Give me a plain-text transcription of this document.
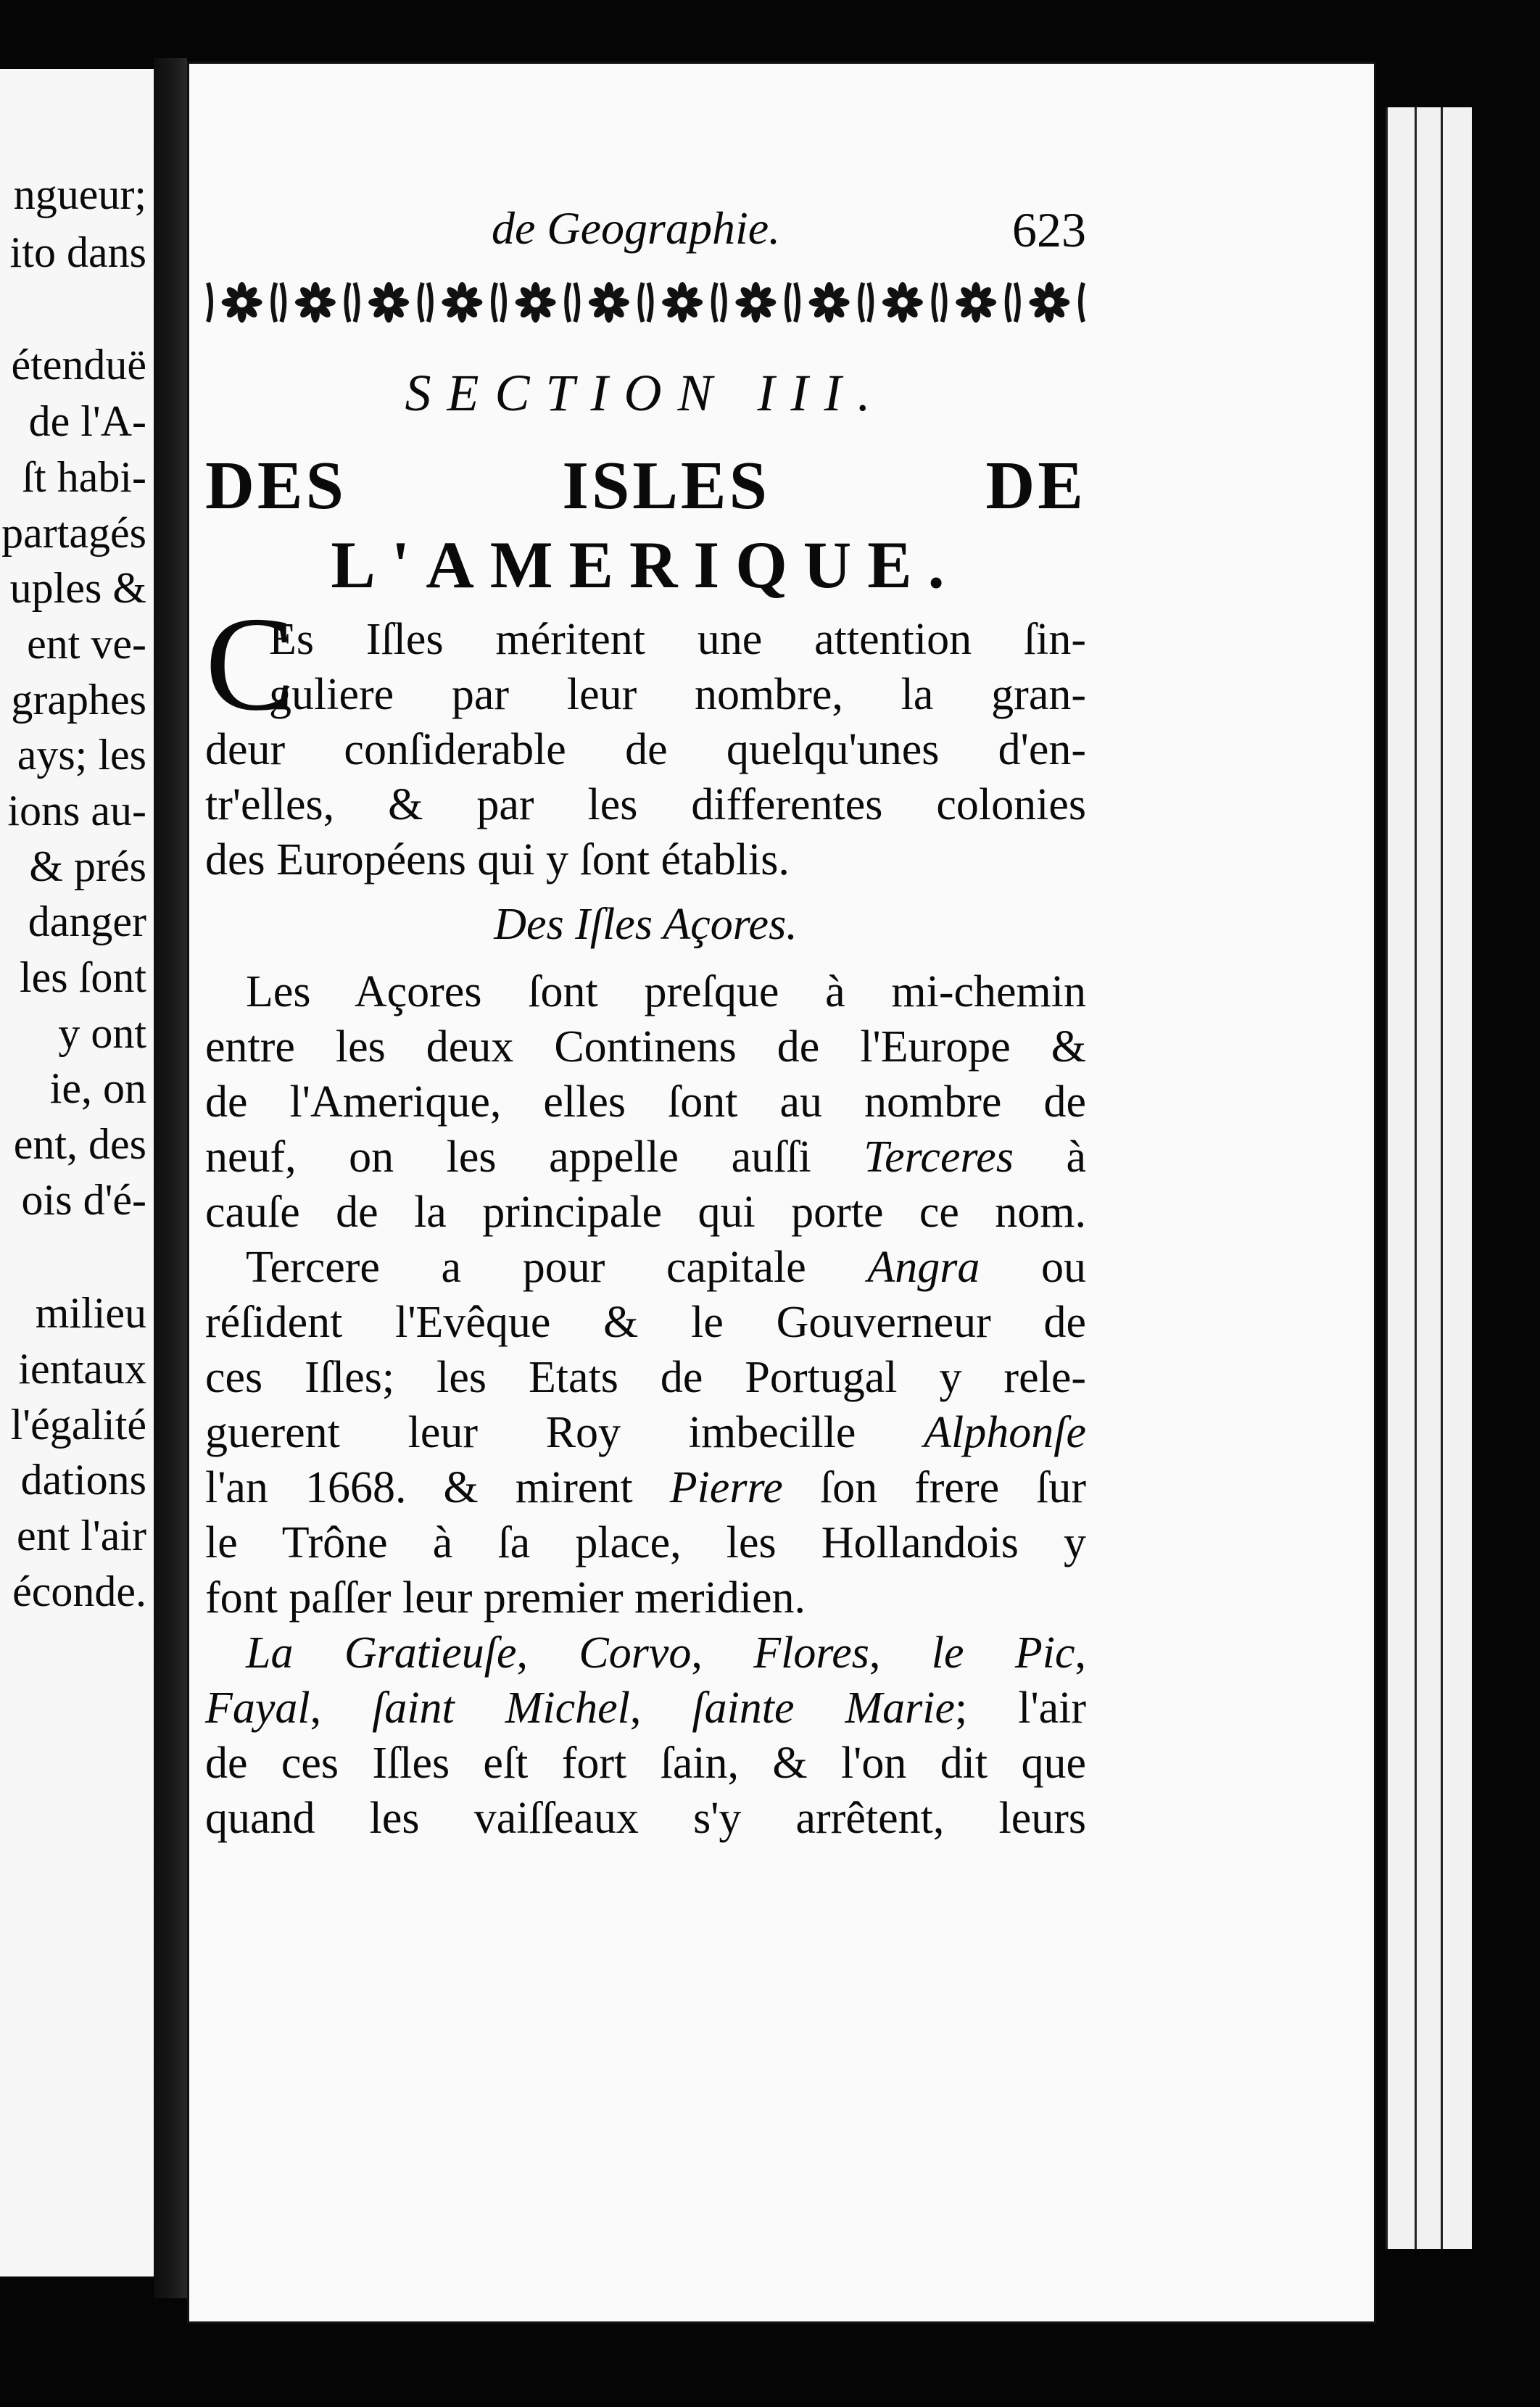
ngueur;
ito dans
étenduë
de l'A-
ſt habi-
partagés
uples &
ent ve-
graphes
ays; les
ions au-
& prés
danger
les ſont
y ont
ie, on
ent, des
ois d'é-
milieu
ientaux
l'égalité
dations
ent l'air
éconde.
de Geographie.	623
SECTION III.
DES	ISLES	DE
L'AMERIQUE.
C
Es Iſles méritent une attention ſin-
guliere par leur nombre, la gran-
deur conſiderable de quelqu'unes d'en-
tr'elles, & par les differentes colonies
des Européens qui y ſont établis.
Des Iſles Açores.
Les Açores ſont preſque à mi-chemin
entre les deux Continens de l'Europe &
de l'Amerique, elles ſont au nombre de
neuf, on les appelle auſſi Terceres à
cauſe de la principale qui porte ce nom.
Tercere a pour capitale Angra ou
réſident l'Evêque & le Gouverneur de
ces Iſles; les Etats de Portugal y rele-
guerent leur Roy imbecille Alphonſe
l'an 1668. & mirent Pierre ſon frere ſur
le Trône à ſa place, les Hollandois y
font paſſer leur premier meridien.
La Gratieuſe, Corvo, Flores, le Pic,
Fayal, ſaint Michel, ſainte Marie; l'air
de ces Iſles eſt fort ſain, & l'on dit que
quand les vaiſſeaux s'y arrêtent, leurs
